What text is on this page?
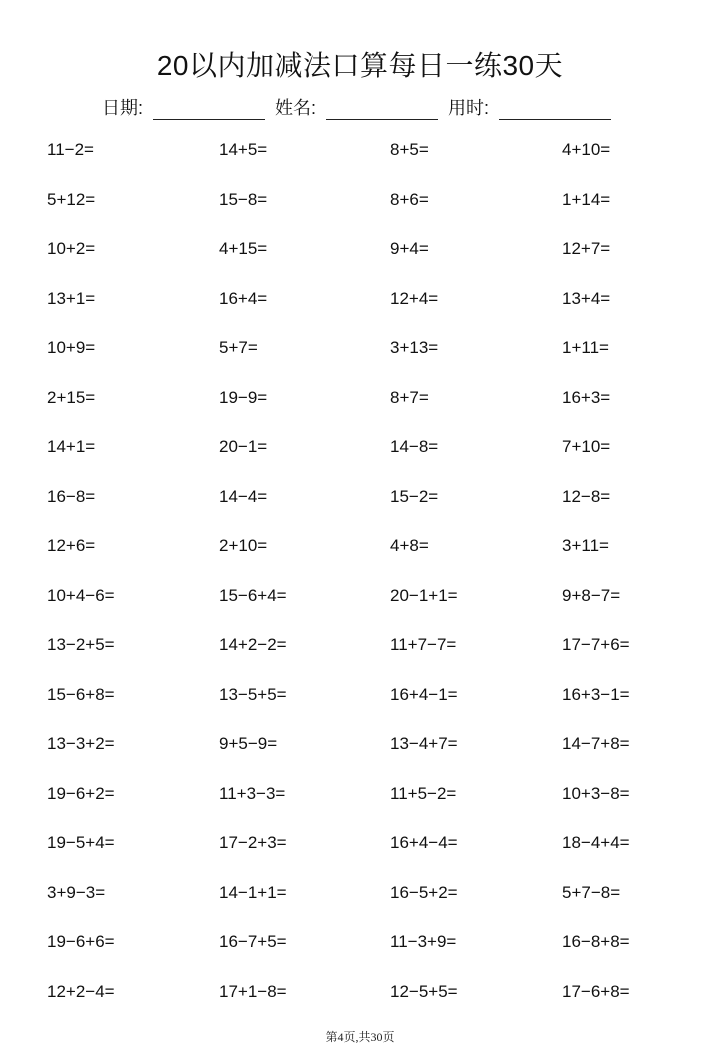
20以内加减法口算每日一练30天
日期:	姓名:	用时:
11−2=	14+5=	8+5=	4+10=
5+12=	15−8=	8+6=	1+14=
10+2=	4+15=	9+4=	12+7=
13+1=	16+4=	12+4=	13+4=
10+9=	5+7=	3+13=	1+11=
2+15=	19−9=	8+7=	16+3=
14+1=	20−1=	14−8=	7+10=
16−8=	14−4=	15−2=	12−8=
12+6=	2+10=	4+8=	3+11=
10+4−6=	15−6+4=	20−1+1=	9+8−7=
13−2+5=	14+2−2=	11+7−7=	17−7+6=
15−6+8=	13−5+5=	16+4−1=	16+3−1=
13−3+2=	9+5−9=	13−4+7=	14−7+8=
19−6+2=	11+3−3=	11+5−2=	10+3−8=
19−5+4=	17−2+3=	16+4−4=	18−4+4=
3+9−3=	14−1+1=	16−5+2=	5+7−8=
19−6+6=	16−7+5=	11−3+9=	16−8+8=
12+2−4=	17+1−8=	12−5+5=	17−6+8=
第4页,共30页
